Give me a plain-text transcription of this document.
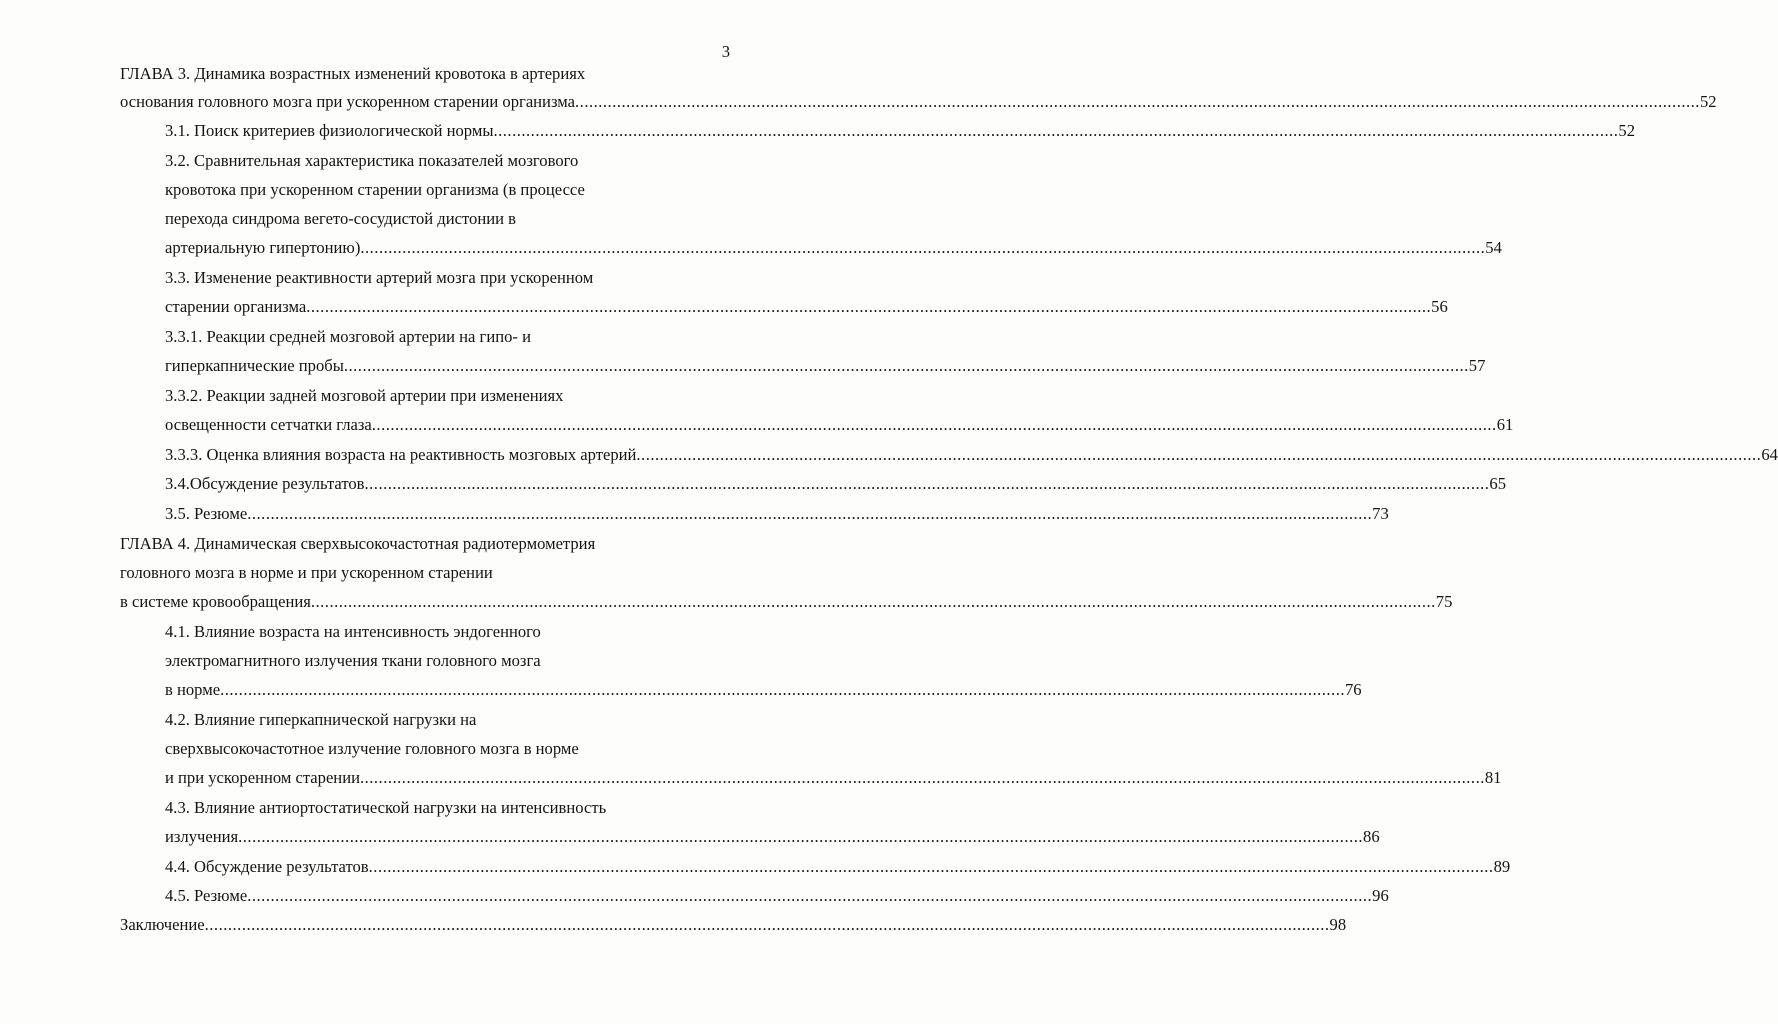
3
ГЛАВА 3. Динамика возрастных изменений кровотока в артериях
основания головного мозга при ускоренном старении организма .................................................................................................................................................................................................................................................. 52
3.1. Поиск критериев физиологической нормы .................................................................................................................................................................................................................................................. 52
3.2. Сравнительная характеристика показателей мозгового
кровотока при ускоренном старении организма (в процессе
перехода синдрома вегето-сосудистой дистонии в
артериальную гипертонию) .................................................................................................................................................................................................................................................. 54
3.3. Изменение реактивности артерий мозга при ускоренном
старении организма .................................................................................................................................................................................................................................................. 56
3.3.1. Реакции средней мозговой артерии на гипо- и
гиперкапнические пробы .................................................................................................................................................................................................................................................. 57
3.3.2. Реакции задней мозговой артерии при изменениях
освещенности сетчатки глаза .................................................................................................................................................................................................................................................. 61
3.3.3. Оценка влияния возраста на реактивность мозговых артерий .................................................................................................................................................................................................................................................. 64
3.4.Обсуждение результатов .................................................................................................................................................................................................................................................. 65
3.5. Резюме .................................................................................................................................................................................................................................................. 73
ГЛАВА 4. Динамическая сверхвысокочастотная радиотермометрия
головного мозга в норме и при ускоренном старении
в системе кровообращения .................................................................................................................................................................................................................................................. 75
4.1. Влияние возраста на интенсивность эндогенного
электромагнитного излучения ткани головного мозга
в норме .................................................................................................................................................................................................................................................. 76
4.2. Влияние гиперкапнической нагрузки на
сверхвысокочастотное излучение головного мозга в норме
и при ускоренном старении .................................................................................................................................................................................................................................................. 81
4.3. Влияние антиортостатической нагрузки на интенсивность
излучения .................................................................................................................................................................................................................................................. 86
4.4. Обсуждение результатов .................................................................................................................................................................................................................................................. 89
4.5. Резюме .................................................................................................................................................................................................................................................. 96
Заключение .................................................................................................................................................................................................................................................. 98
